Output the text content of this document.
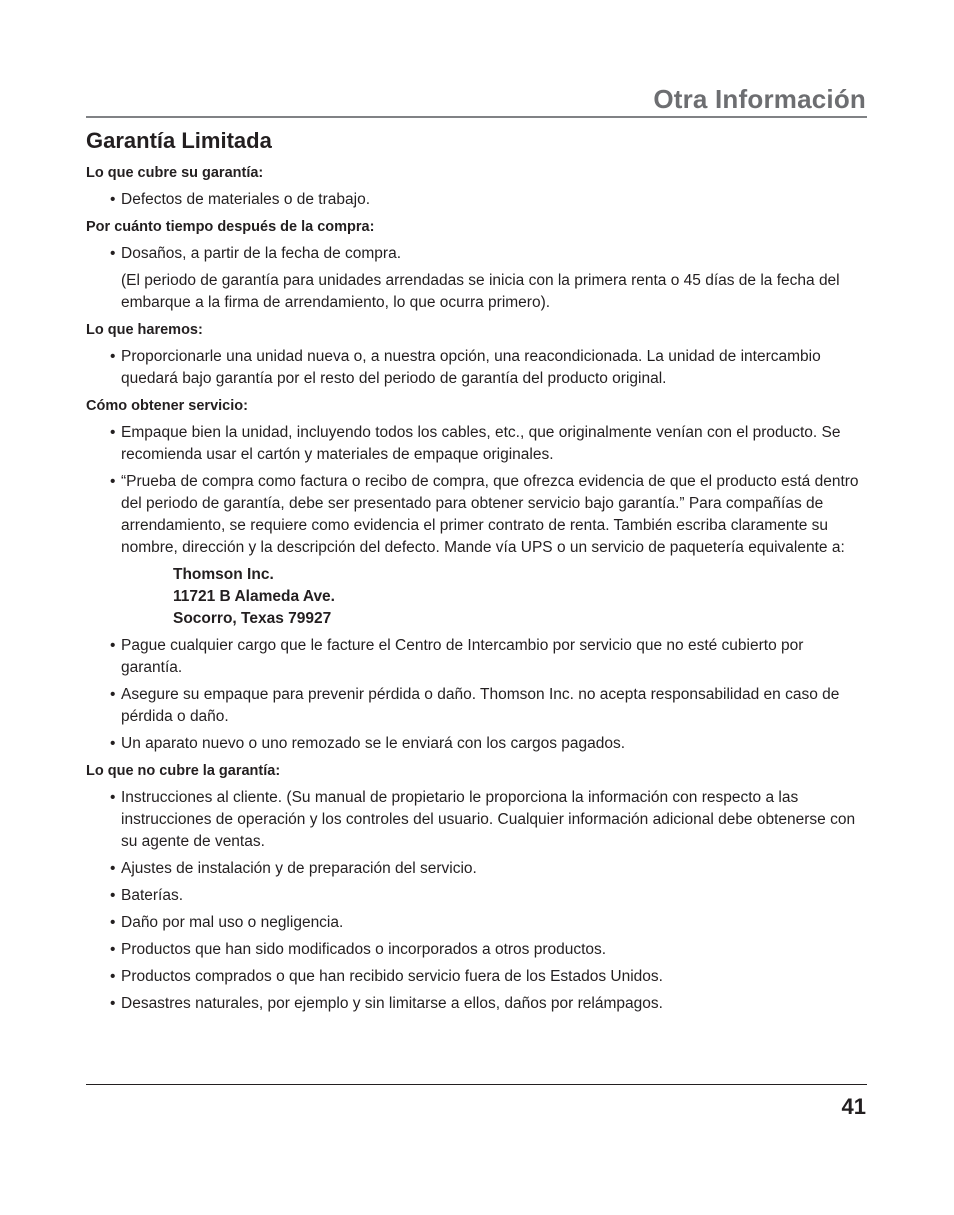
Otra Información
Garantía Limitada

Lo que cubre su garantía:

• Defectos de materiales o de trabajo.

Por cuánto tiempo después de la compra:

• Dosaños, a partir de la fecha de compra.

(El periodo de garantía para unidades arrendadas se inicia con la primera renta o 45 días de la fecha del embarque a la firma de arrendamiento, lo que ocurra primero).

Lo que haremos:

• Proporcionarle una unidad nueva o, a nuestra opción, una reacondicionada. La unidad de intercambio quedará bajo garantía por el resto del periodo de garantía del producto original.

Cómo obtener servicio:

• Empaque bien la unidad, incluyendo todos los cables, etc., que originalmente venían con el producto. Se recomienda usar el cartón y materiales de empaque originales.
• “Prueba de compra como factura o recibo de compra, que ofrezca evidencia de que el producto está dentro del periodo de garantía, debe ser presentado para obtener servicio bajo garantía.” Para compañías de arrendamiento, se requiere como evidencia el primer contrato de renta. También escriba claramente su nombre, dirección y la descripción del defecto. Mande vía UPS o un servicio de paquetería equivalente a:
Thomson Inc.
11721 B Alameda Ave.
Socorro, Texas 79927
• Pague cualquier cargo que le facture el Centro de Intercambio por servicio que no esté cubierto por garantía.
• Asegure su empaque para prevenir pérdida o daño. Thomson Inc. no acepta responsabilidad en caso de pérdida o daño.
• Un aparato nuevo o uno remozado se le enviará con los cargos pagados.

Lo que no cubre la garantía:

• Instrucciones al cliente. (Su manual de propietario le proporciona la información con respecto a las instrucciones de operación y los controles del usuario. Cualquier información adicional debe obtenerse con su agente de ventas.
• Ajustes de instalación y de preparación del servicio.
• Baterías.
• Daño por mal uso o negligencia.
• Productos que han sido modificados o incorporados a otros productos.
• Productos comprados o que han recibido servicio fuera de los Estados Unidos.
• Desastres naturales, por ejemplo y sin limitarse a ellos, daños por relámpagos.

41
